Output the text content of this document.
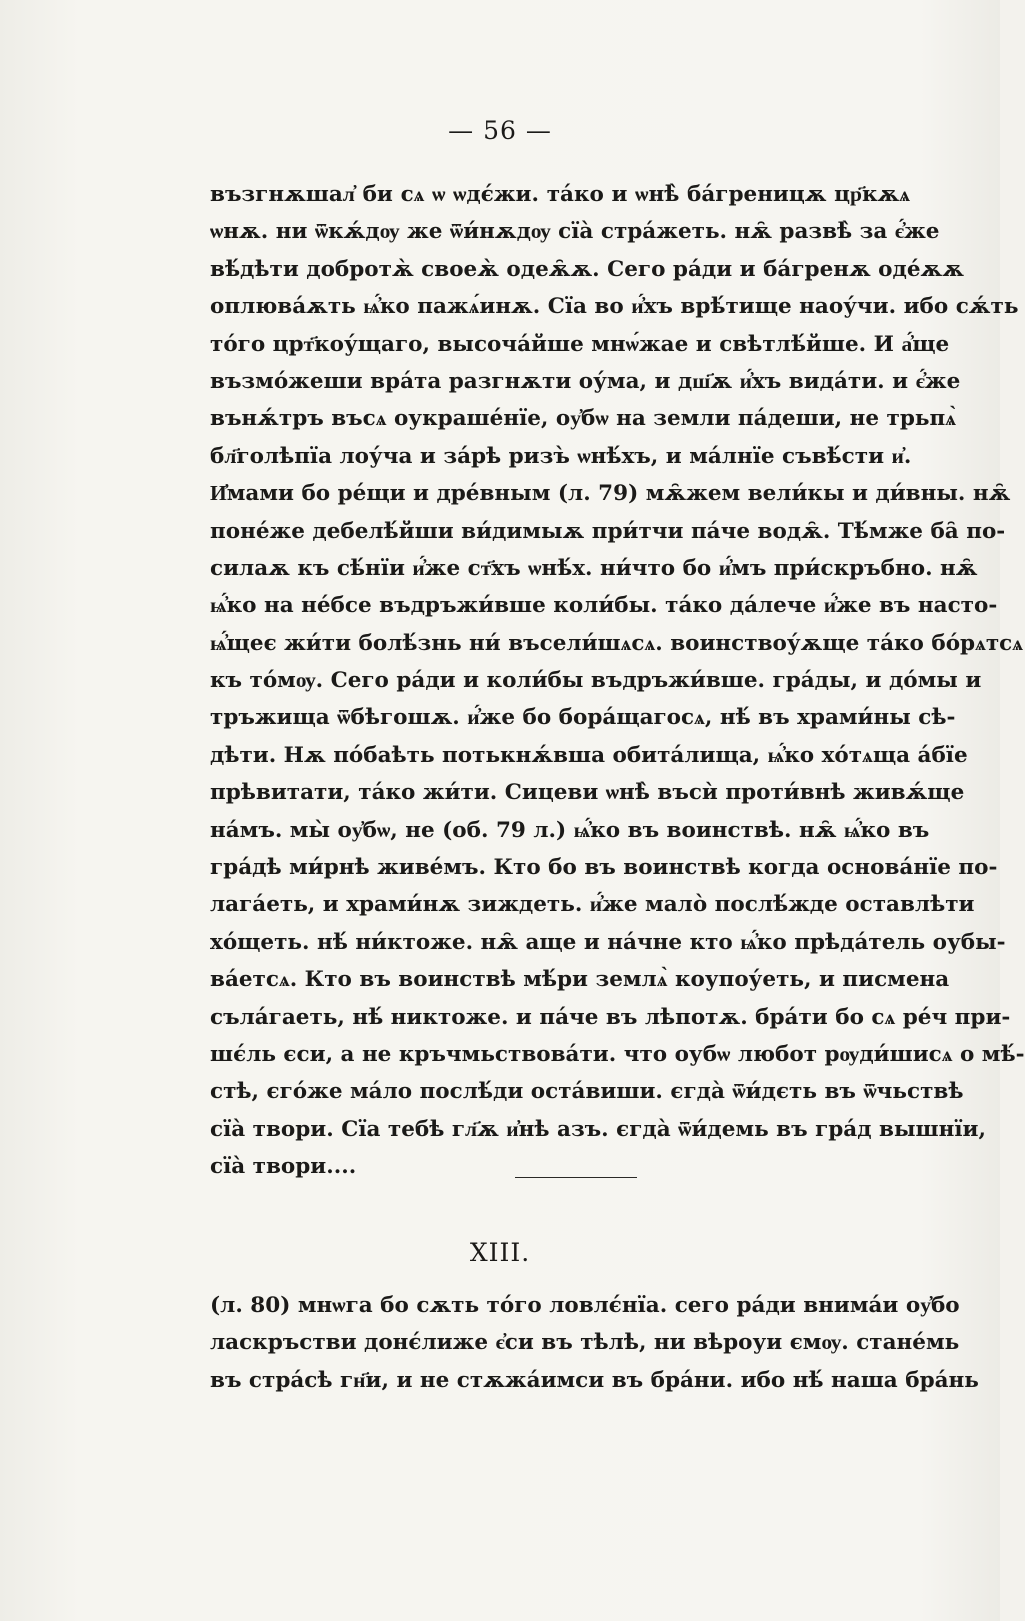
— 56 —
възгнѫшал҆ би сѧ ѡ ѡдє́жи. та́ко и ѡнѣ̀ ба́греницѫ цр҃кѫѧ
ѡнѫ. ни ѿкѫ́дѹ же ѿи́нѫдѹ сїа̀ стра́жеть. нѫ̑ развѣ̀ за є҆́же
вѣ́дѣти добротѫ̀ своеѫ̀ одеѫ̑ѫ. Сего ра́ди и ба́гренѫ оде́ѫѫ
оплюва́ѫть ѩ҆́ко пажѧ́инѫ. Сїа во и҆́хъ врѣ́тище наоу́чи. ибо сѫ́ть
то́го црт҃коу́щаго, высоча́йше мнѡ́жае и свѣтлѣ́йше. И а҆́ще
възмо́жеши вра́та разгнѫти оу́ма, и дш҃ѫ и҆́хъ вида́ти. и є҆́же
вънѫ́тръ въсѧ оукраше́нїе, оу҆бѡ на земли па́деши, не трьпѧ̀
бл҃голѣпїа лоу́ча и за́рѣ ризъ̀ ѡнѣ́хъ, и ма́лнїе съвѣ́сти и҆.
И҆мами бо ре́щи и дре́вным (л. 79) мѫ̑жем вели́кы и ди́вны. нѫ̑
поне́же дебелѣ́йши ви́димыѫ при́тчи па́че водѫ̑. Тѣ́мже ба̑ по-
силаѫ къ сѣ́нїи и҆́же ст҃хъ ѡнѣ́х. ни́что бо и҆́мъ при́скръбно. нѫ̑
ѩ҆́ко на не́бсе въдръжи́вше коли́бы. та́ко да́лече и҆́же въ насто-
ѩ҆́щеє жи́ти болѣ́знь ни́ въсели́шѧсѧ. воинствоу́ѫще та́ко бо́рѧтсѧ
къ то́мѹ. Сего ра́ди и коли́бы въдръжи́вше. гра́ды, и до́мы и
тръжища ѿбѣгошѫ. и҆́же бо бора́щагосѧ, нѣ́ въ храми́ны сѣ-
дѣти. Нѫ по́баѣть потькнѫ́вша обита́лища, ѩ҆́ко хо́тѧща а́бїе
прѣвитати, та́ко жи́ти. Сицеви ѡнѣ̀ въсѝ проти́внѣ живѫ́ще
на́мъ. мы̀ оу҆бѡ, не (об. 79 л.) ѩ҆́ко въ воинствѣ. нѫ̑ ѩ҆́ко въ
гра́дѣ ми́рнѣ живе́мъ. Кто бо въ воинствѣ когда основа́нїе по-
лага́еть, и храми́нѫ зиждеть. и҆́же мало̀ послѣ́жде оставлѣти
хо́щеть. нѣ́ ни́ктоже. нѫ̑ аще и на́чне кто ѩ҆́ко прѣда́тель оубы-
ва́етсѧ. Кто въ воинствѣ мѣ́ри землѧ̀ коупоу́еть, и писмена
съла́гаеть, нѣ́ никтоже. и па́че въ лѣпотѫ. бра́ти бо сѧ ре́ч при-
шє́ль єси, а не кръчмьствова́ти. что оубѡ любот рѹди́шисѧ о мѣ́-
стѣ, єго́же ма́ло послѣ́ди оста́виши. єгда̀ ѿи́дєть въ ѿчьствѣ
сїа̀ твори. Сїа тебѣ гл҃ѫ и҆нѣ азъ. єгда̀ ѿи́демь въ гра́д вышнїи,
сїа̀ твори....
XIII.
(л. 80) мнѡга бо сѫть то́го ловлє́нїа. сего ра́ди внима́и оу҆бо
ласкръстви донє́лиже є҆си въ тѣлѣ, ни вѣроуи ємѹ. стане́мь
въ стра́сѣ гн҃и, и не стѫжа́имси въ бра́ни. ибо нѣ́ наша бра́нь
